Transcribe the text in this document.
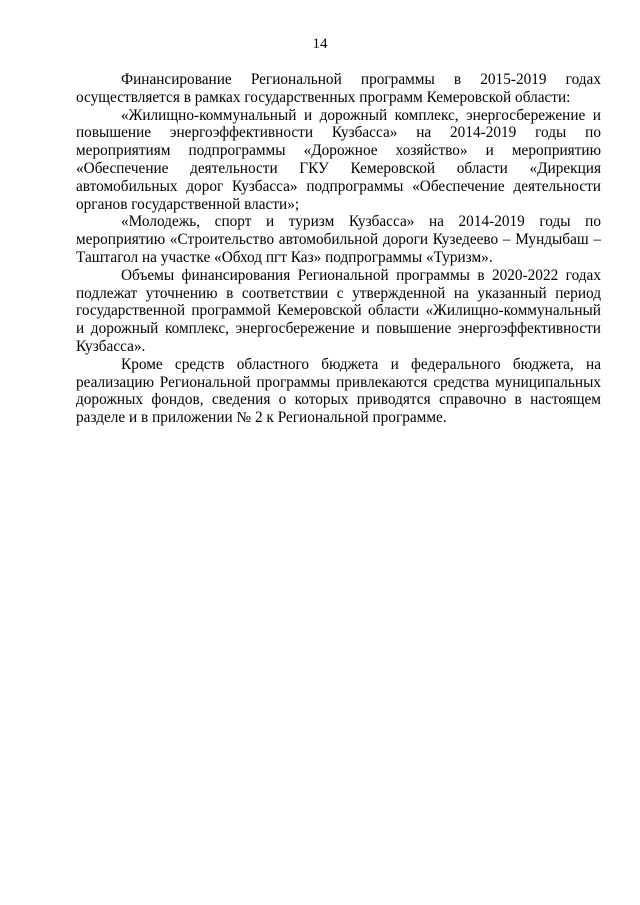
14

Финансирование Региональной программы в 2015-2019 годах осуществляется в рамках государственных программ Кемеровской области:

«Жилищно-коммунальный и дорожный комплекс, энергосбережение и повышение энергоэффективности Кузбасса» на 2014-2019 годы по мероприятиям подпрограммы «Дорожное хозяйство» и мероприятию «Обеспечение деятельности ГКУ Кемеровской области «Дирекция автомобильных дорог Кузбасса» подпрограммы «Обеспечение деятельности органов государственной власти»;

«Молодежь, спорт и туризм Кузбасса» на 2014-2019 годы по мероприятию «Строительство автомобильной дороги Кузедеево – Мундыбаш – Таштагол на участке «Обход пгт Каз» подпрограммы «Туризм».

Объемы финансирования Региональной программы в 2020-2022 годах подлежат уточнению в соответствии с утвержденной на указанный период государственной программой Кемеровской области «Жилищно-коммунальный и дорожный комплекс, энергосбережение и повышение энергоэффективности Кузбасса».

Кроме средств областного бюджета и федерального бюджета, на реализацию Региональной программы привлекаются средства муниципальных дорожных фондов, сведения о которых приводятся справочно в настоящем разделе и в приложении № 2 к Региональной программе.
